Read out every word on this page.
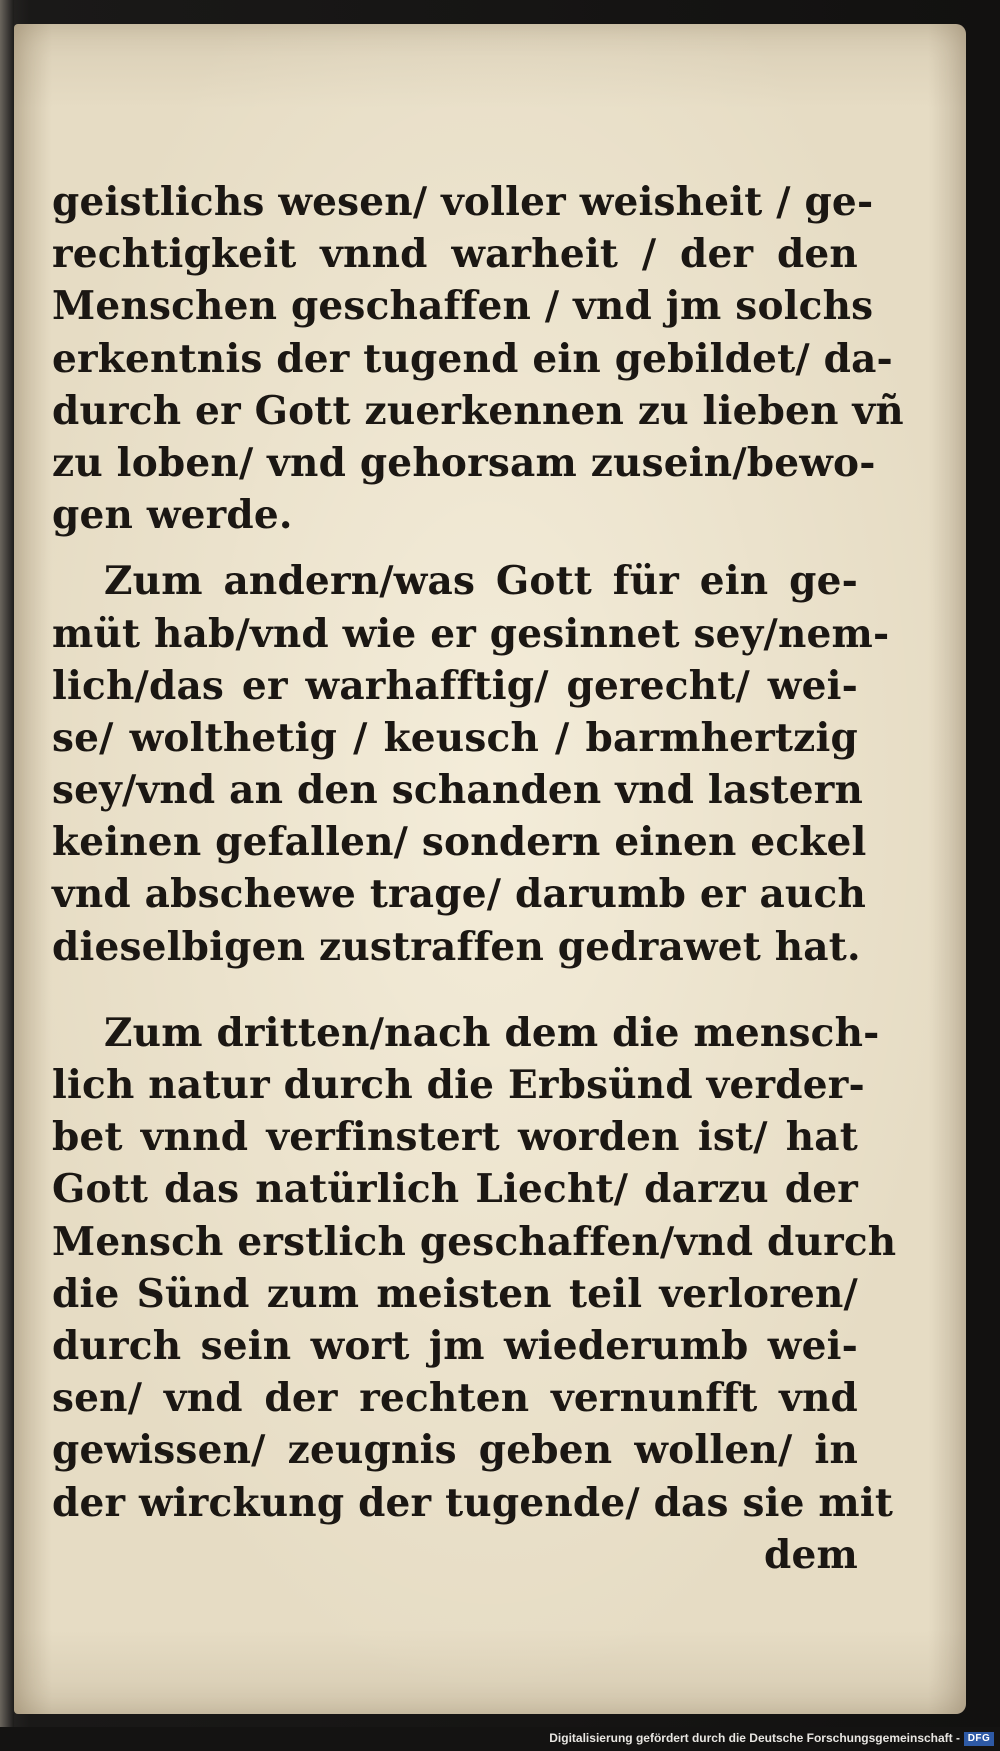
geistlichs wesen/ voller weisheit / ge-
rechtigkeit vnnd warheit / der den
Menschen geschaffen / vnd jm solchs
erkentnis der tugend ein gebildet/ da-
durch er Gott zuerkennen zu lieben vñ
zu loben/ vnd gehorsam zusein/bewo-
gen werde.
Zum andern/was Gott für ein ge-
müt hab/vnd wie er gesinnet sey/nem-
lich/das er warhafftig/ gerecht/ wei-
se/ wolthetig / keusch / barmhertzig
sey/vnd an den schanden vnd lastern
keinen gefallen/ sondern einen eckel
vnd abschewe trage/ darumb er auch
dieselbigen zustraffen gedrawet hat.
Zum dritten/nach dem die mensch-
lich natur durch die Erbsünd verder-
bet vnnd verfinstert worden ist/ hat
Gott das natürlich Liecht/ darzu der
Mensch erstlich geschaffen/vnd durch
die Sünd zum meisten teil verloren/
durch sein wort jm wiederumb wei-
sen/ vnd der rechten vernunfft vnd
gewissen/ zeugnis geben wollen/ in
der wirckung der tugende/ das sie mit
dem
Digitalisierung gefördert durch die Deutsche Forschungsgemeinschaft - DFG
